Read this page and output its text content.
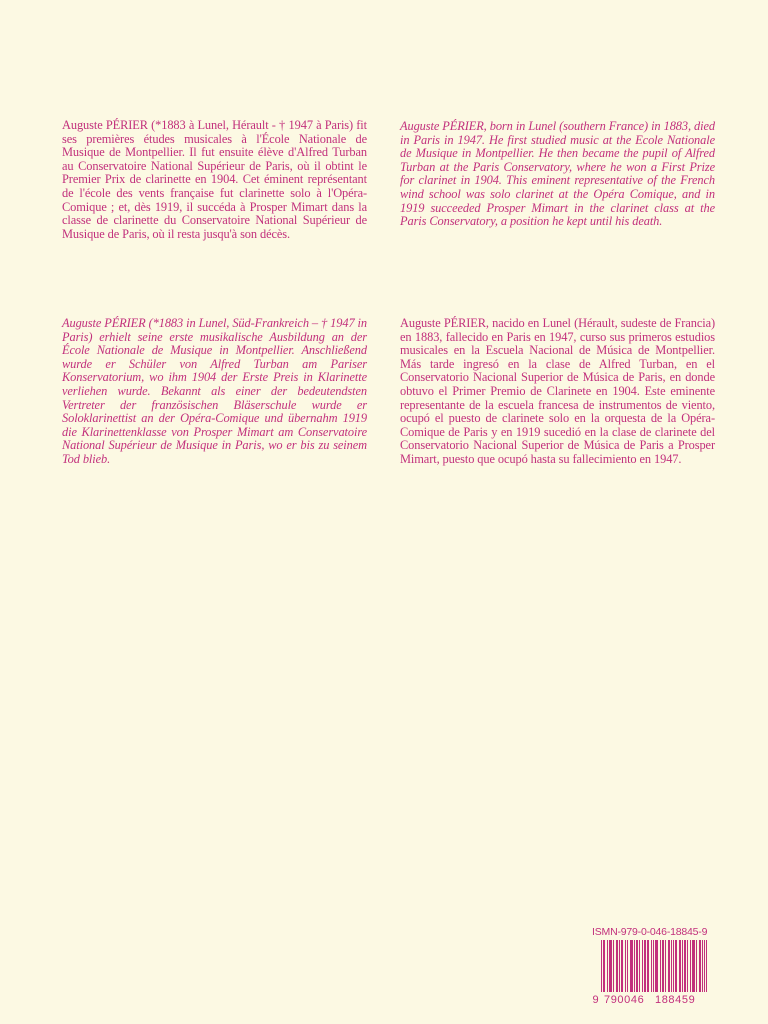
Auguste PÉRIER (*1883 à Lunel, Hérault - † 1947 à Paris) fit ses premières études musicales à l'École Nationale de Musique de Montpellier. Il fut ensuite élève d'Alfred Turban au Conservatoire National Supérieur de Paris, où il obtint le Premier Prix de clarinette en 1904. Cet éminent représentant de l'école des vents française fut clarinette solo à l'Opéra-Comique ; et, dès 1919, il succéda à Prosper Mimart dans la classe de clarinette du Conservatoire National Supérieur de Musique de Paris, où il resta jusqu'à son décès.

Auguste PÉRIER, born in Lunel (southern France) in 1883, died in Paris in 1947. He first studied music at the Ecole Nationale de Musique in Montpellier. He then became the pupil of Alfred Turban at the Paris Conservatory, where he won a First Prize for clarinet in 1904. This eminent representative of the French wind school was solo clarinet at the Opéra Comique, and in 1919 succeeded Prosper Mimart in the clarinet class at the Paris Conservatory, a position he kept until his death.

Auguste PÉRIER (*1883 in Lunel, Süd-Frankreich – † 1947 in Paris) erhielt seine erste musikalische Ausbildung an der École Nationale de Musique in Montpellier. Anschließend wurde er Schüler von Alfred Turban am Pariser Konservatorium, wo ihm 1904 der Erste Preis in Klarinette verliehen wurde. Bekannt als einer der bedeutendsten Vertreter der französischen Bläserschule wurde er Soloklarinettist an der Opéra-Comique und übernahm 1919 die Klarinettenklasse von Prosper Mimart am Conservatoire National Supérieur de Musique in Paris, wo er bis zu seinem Tod blieb.

Auguste PÉRIER, nacido en Lunel (Hérault, sudeste de Francia) en 1883, fallecido en Paris en 1947, curso sus primeros estudios musicales en la Escuela Nacional de Música de Montpellier. Más tarde ingresó en la clase de Alfred Turban, en el Conservatorio Nacional Superior de Música de Paris, en donde obtuvo el Primer Premio de Clarinete en 1904. Este eminente representante de la escuela francesa de instrumentos de viento, ocupó el puesto de clarinete solo en la orquesta de la Opéra-Comique de Paris y en 1919 sucedió en la clase de clarinete del Conservatorio Nacional Superior de Música de Paris a Prosper Mimart, puesto que ocupó hasta su fallecimiento en 1947.

ISMN-979-0-046-18845-9
9 790046 188459
